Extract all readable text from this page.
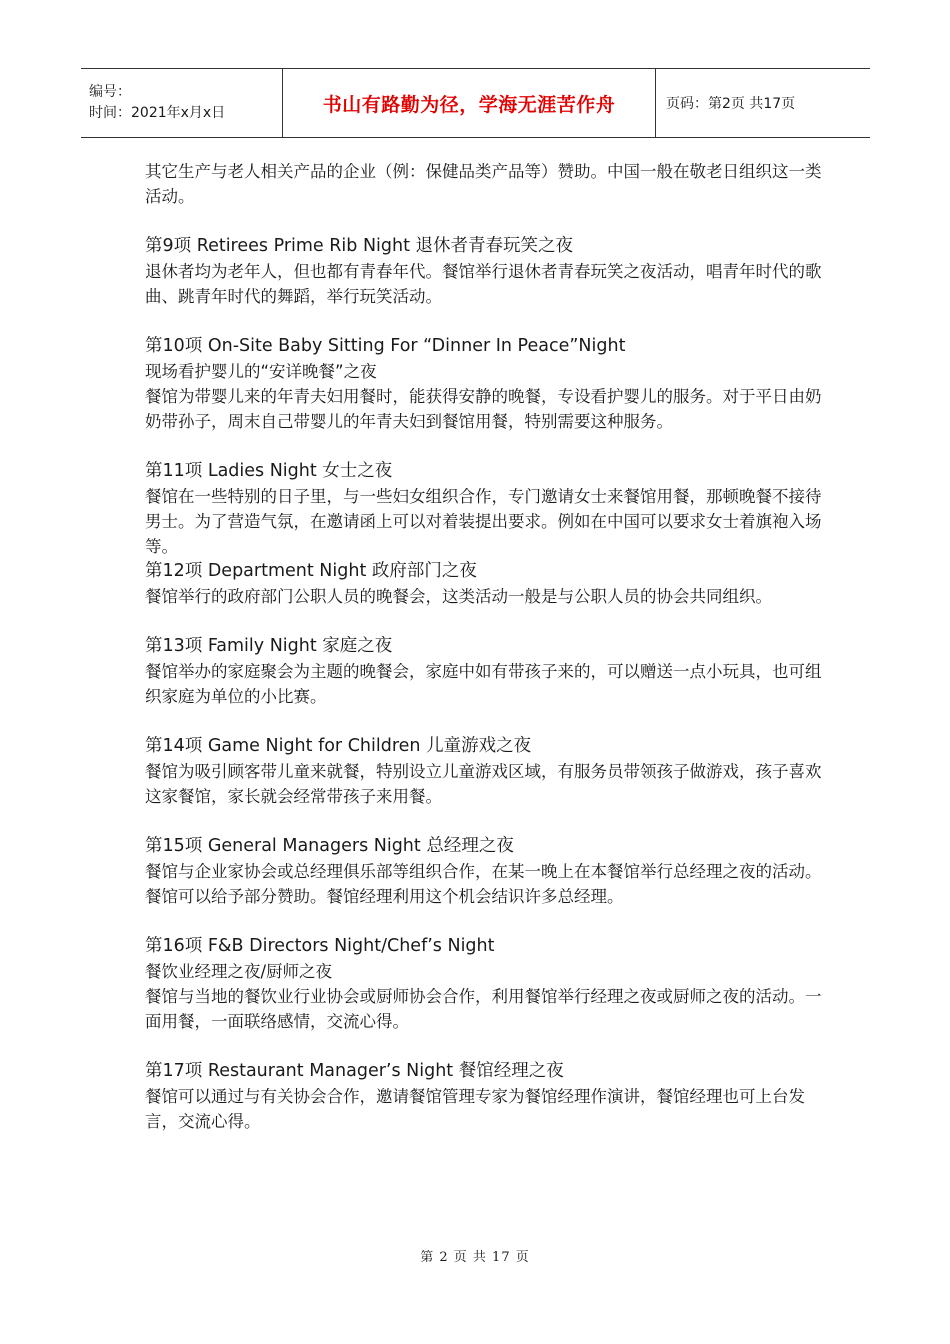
编号：
时间：2021年x月x日	书山有路勤为径，学海无涯苦作舟	页码：第2页 共17页

其它生产与老人相关产品的企业（例：保健品类产品等）赞助。中国一般在敬老日组织这一类活动。

第9项 Retirees Prime Rib Night 退休者青春玩笑之夜

退休者均为老年人，但也都有青春年代。餐馆举行退休者青春玩笑之夜活动，唱青年时代的歌曲、跳青年时代的舞蹈，举行玩笑活动。

第10项 On-Site Baby Sitting For “Dinner In Peace”Night

现场看护婴儿的“安详晚餐”之夜

餐馆为带婴儿来的年青夫妇用餐时，能获得安静的晚餐，专设看护婴儿的服务。对于平日由奶奶带孙子，周末自己带婴儿的年青夫妇到餐馆用餐，特别需要这种服务。

第11项 Ladies Night 女士之夜

餐馆在一些特别的日子里，与一些妇女组织合作，专门邀请女士来餐馆用餐，那顿晚餐不接待男士。为了营造气氛，在邀请函上可以对着装提出要求。例如在中国可以要求女士着旗袍入场等。

第12项 Department Night 政府部门之夜

餐馆举行的政府部门公职人员的晚餐会，这类活动一般是与公职人员的协会共同组织。

第13项 Family Night 家庭之夜

餐馆举办的家庭聚会为主题的晚餐会，家庭中如有带孩子来的，可以赠送一点小玩具，也可组织家庭为单位的小比赛。

第14项 Game Night for Children 儿童游戏之夜

餐馆为吸引顾客带儿童来就餐，特别设立儿童游戏区域，有服务员带领孩子做游戏，孩子喜欢这家餐馆，家长就会经常带孩子来用餐。

第15项 General Managers Night 总经理之夜

餐馆与企业家协会或总经理俱乐部等组织合作，在某一晚上在本餐馆举行总经理之夜的活动。餐馆可以给予部分赞助。餐馆经理利用这个机会结识许多总经理。

第16项 F&B Directors Night/Chef’s Night

餐饮业经理之夜/厨师之夜

餐馆与当地的餐饮业行业协会或厨师协会合作，利用餐馆举行经理之夜或厨师之夜的活动。一面用餐，一面联络感情，交流心得。

第17项 Restaurant Manager’s Night 餐馆经理之夜

餐馆可以通过与有关协会合作，邀请餐馆管理专家为餐馆经理作演讲，餐馆经理也可上台发言，交流心得。

第 2 页 共 17 页
